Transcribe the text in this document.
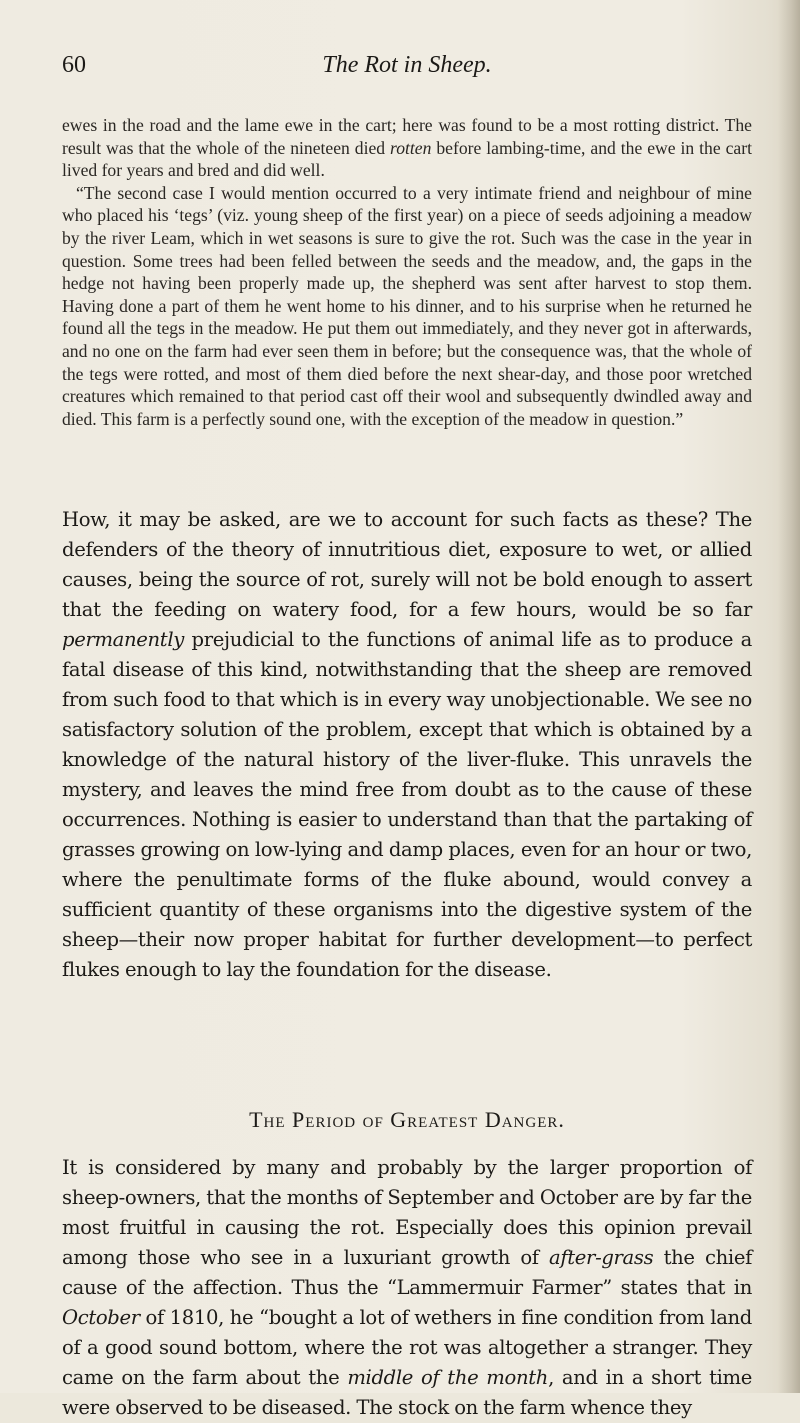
60	The Rot in Sheep.

ewes in the road and the lame ewe in the cart; here was found to be a most rotting district. The result was that the whole of the nineteen died rotten before lambing-time, and the ewe in the cart lived for years and bred and did well.

“The second case I would mention occurred to a very intimate friend and neighbour of mine who placed his ‘tegs’ (viz. young sheep of the first year) on a piece of seeds adjoining a meadow by the river Leam, which in wet seasons is sure to give the rot. Such was the case in the year in question. Some trees had been felled between the seeds and the meadow, and, the gaps in the hedge not having been properly made up, the shepherd was sent after harvest to stop them. Having done a part of them he went home to his dinner, and to his surprise when he returned he found all the tegs in the meadow. He put them out immediately, and they never got in afterwards, and no one on the farm had ever seen them in before; but the consequence was, that the whole of the tegs were rotted, and most of them died before the next shear-day, and those poor wretched creatures which remained to that period cast off their wool and subsequently dwindled away and died. This farm is a perfectly sound one, with the exception of the meadow in question.”

How, it may be asked, are we to account for such facts as these? The defenders of the theory of innutritious diet, exposure to wet, or allied causes, being the source of rot, surely will not be bold enough to assert that the feeding on watery food, for a few hours, would be so far permanently prejudicial to the functions of animal life as to produce a fatal disease of this kind, notwithstanding that the sheep are removed from such food to that which is in every way unobjectionable. We see no satisfactory solution of the problem, except that which is obtained by a knowledge of the natural history of the liver-fluke. This unravels the mystery, and leaves the mind free from doubt as to the cause of these occurrences. Nothing is easier to understand than that the partaking of grasses growing on low-lying and damp places, even for an hour or two, where the penultimate forms of the fluke abound, would convey a sufficient quantity of these organisms into the digestive system of the sheep—their now proper habitat for further development—to perfect flukes enough to lay the foundation for the disease.

The Period of Greatest Danger.

It is considered by many and probably by the larger proportion of sheep-owners, that the months of September and October are by far the most fruitful in causing the rot. Especially does this opinion prevail among those who see in a luxuriant growth of after-grass the chief cause of the affection. Thus the “Lammermuir Farmer” states that in October of 1810, he “bought a lot of wethers in fine condition from land of a good sound bottom, where the rot was altogether a stranger. They came on the farm about the middle of the month, and in a short time were observed to be diseased. The stock on the farm whence they
